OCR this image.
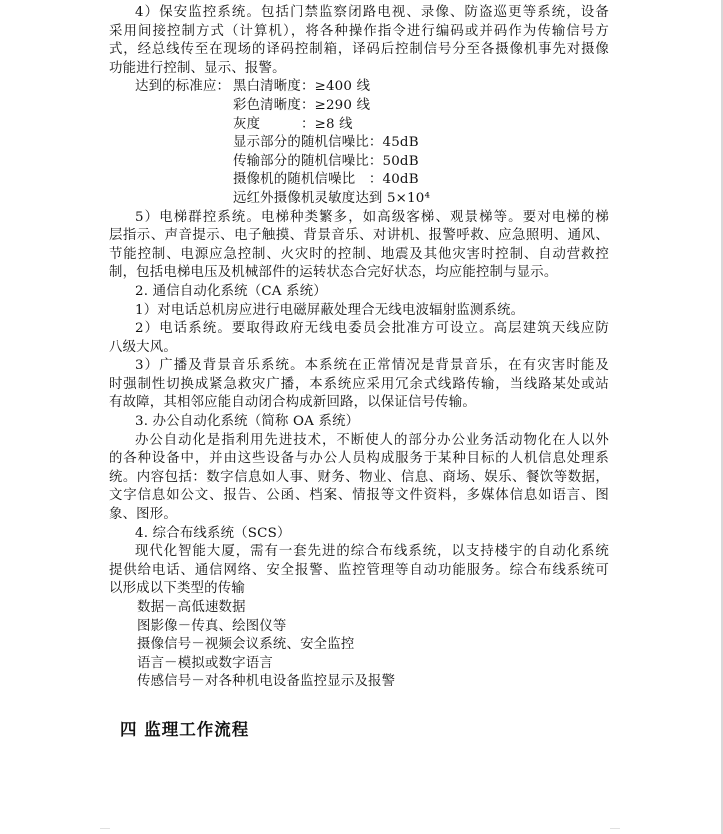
4）保安监控系统。包括门禁监察闭路电视、录像、防盗巡更等系统，设备
采用间接控制方式（计算机），将各种操作指令进行编码或并码作为传输信号方
式，经总线传至在现场的译码控制箱，译码后控制信号分至各摄像机事先对摄像
功能进行控制、显示、报警。
达到的标准应： 黑白清晰度：≥400 线
彩色清晰度：≥290 线
灰度　　　：≥8 线
显示部分的随机信噪比：45dB
传输部分的随机信噪比：50dB
摄像机的随机信噪比　：40dB
远红外摄像机灵敏度达到 5×10⁴
5）电梯群控系统。电梯种类繁多，如高级客梯、观景梯等。要对电梯的梯
层指示、声音提示、电子触摸、背景音乐、对讲机、报警呼救、应急照明、通风、
节能控制、电源应急控制、火灾时的控制、地震及其他灾害时控制、自动营救控
制，包括电梯电压及机械部件的运转状态合完好状态，均应能控制与显示。
2. 通信自动化系统（CA 系统）
1）对电话总机房应进行电磁屏蔽处理合无线电波辐射监测系统。
2）电话系统。要取得政府无线电委员会批准方可设立。高层建筑天线应防
八级大风。
3）广播及背景音乐系统。本系统在正常情况是背景音乐，在有灾害时能及
时强制性切换成紧急救灾广播，本系统应采用冗余式线路传输，当线路某处或站
有故障，其相邻应能自动闭合构成新回路，以保证信号传输。
3. 办公自动化系统（简称 OA 系统）
办公自动化是指利用先进技术，不断使人的部分办公业务活动物化在人以外
的各种设备中，并由这些设备与办公人员构成服务于某种目标的人机信息处理系
统。内容包括：数字信息如人事、财务、物业、信息、商场、娱乐、餐饮等数据，
文字信息如公文、报告、公函、档案、情报等文件资料，多媒体信息如语言、图
象、图形。
4. 综合布线系统（SCS）
现代化智能大厦，需有一套先进的综合布线系统，以支持楼宇的自动化系统
提供给电话、通信网络、安全报警、监控管理等自动功能服务。综合布线系统可
以形成以下类型的传输
数据－高低速数据
图影像－传真、绘图仪等
摄像信号－视频会议系统、安全监控
语言－模拟或数字语言
传感信号－对各种机电设备监控显示及报警
四 监理工作流程
